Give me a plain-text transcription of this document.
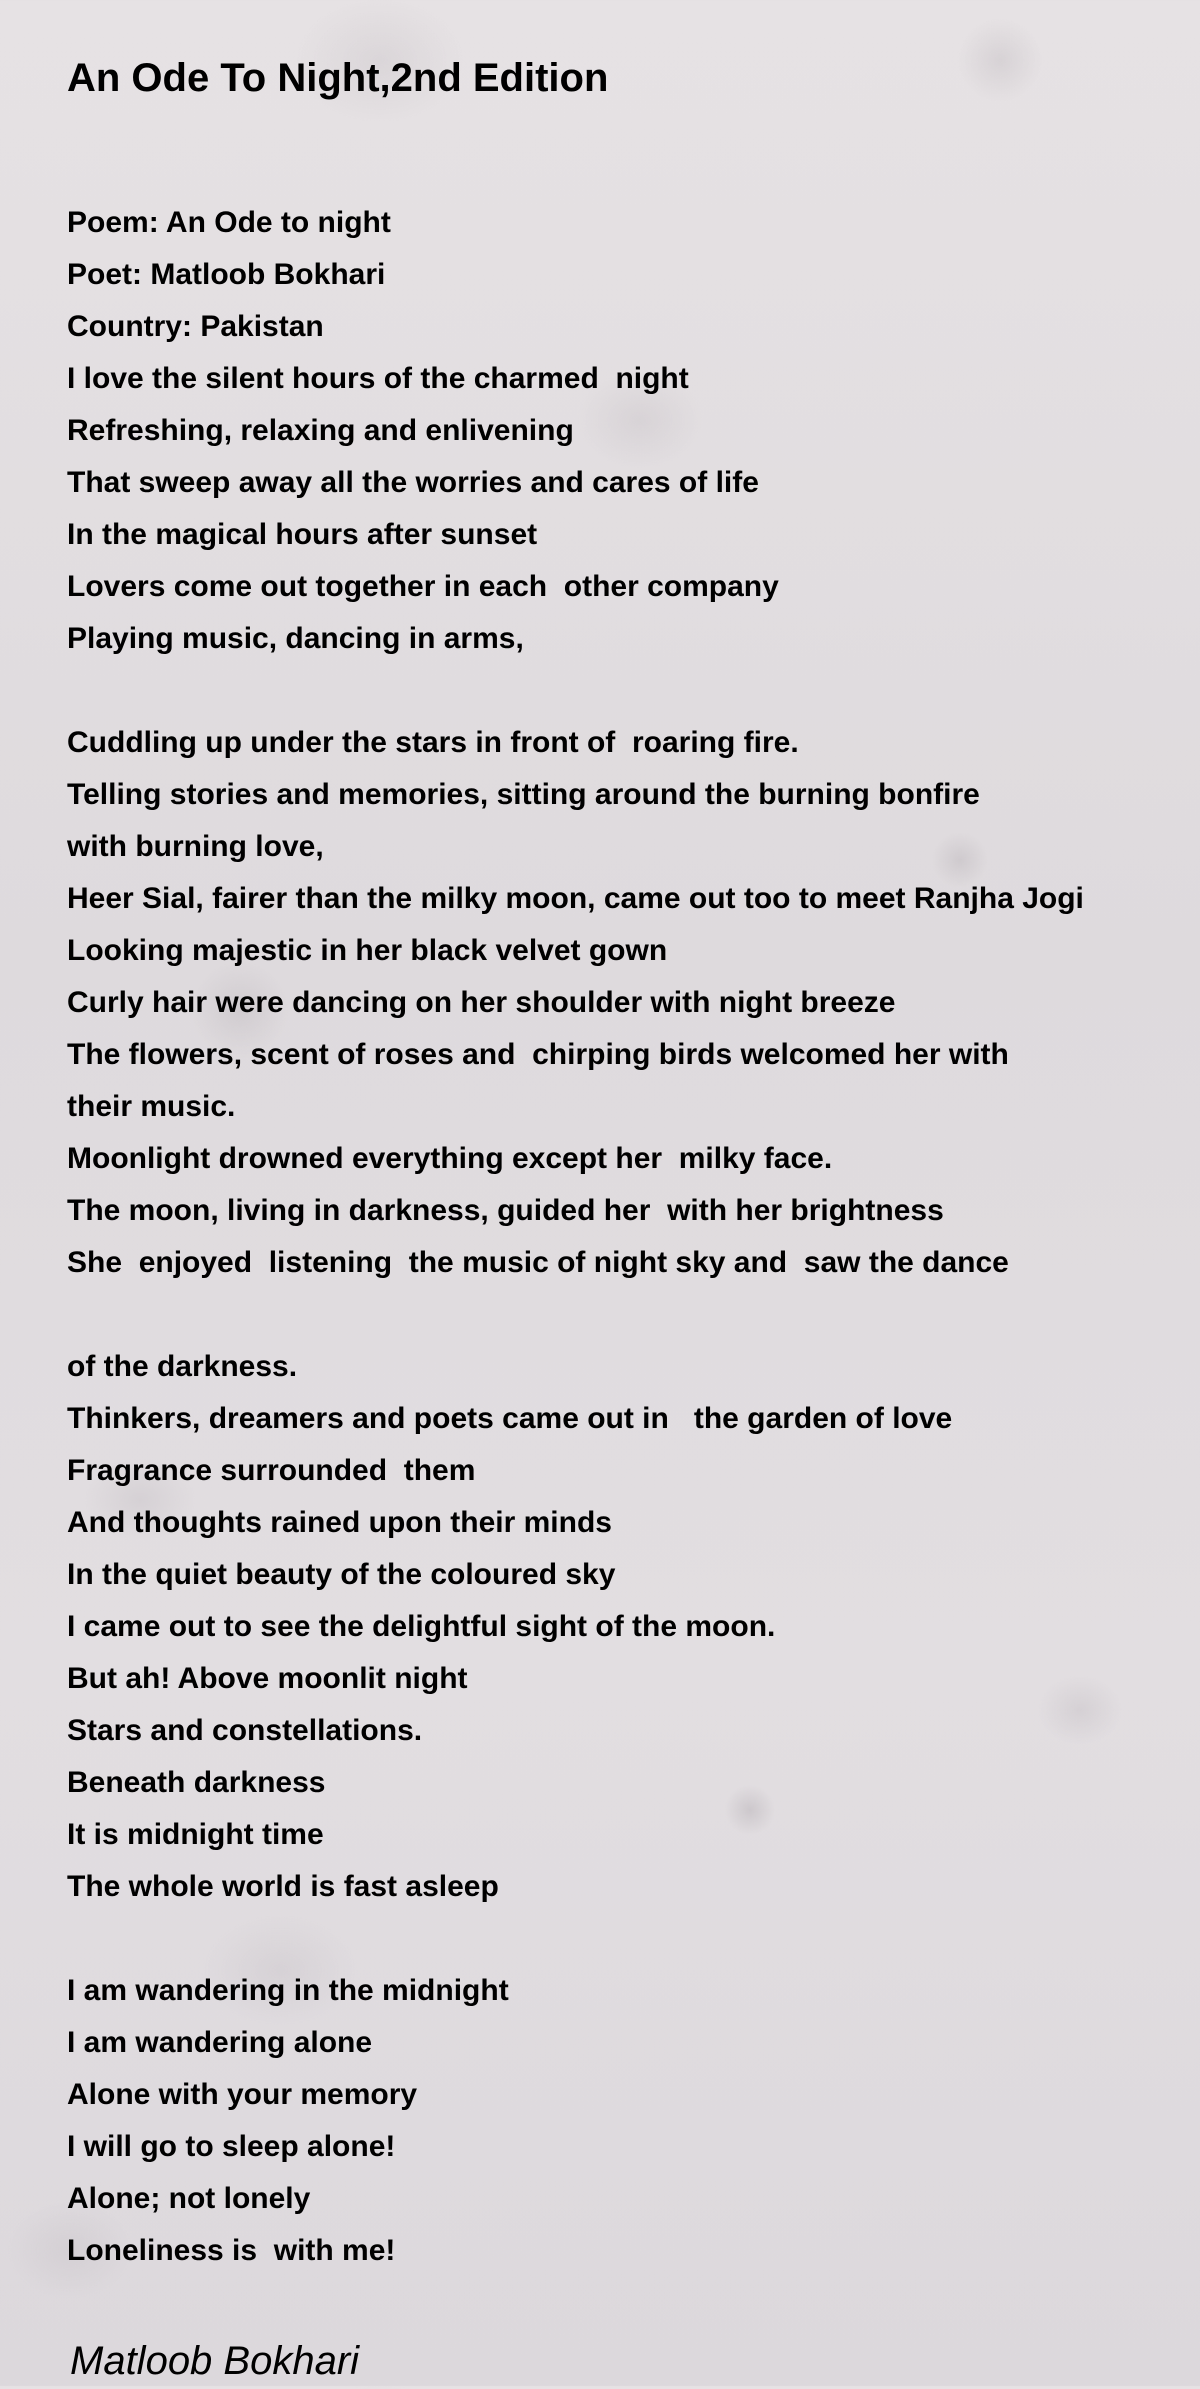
An Ode To Night,2nd Edition
Poem: An Ode to night
Poet: Matloob Bokhari
Country: Pakistan
I love the silent hours of the charmed  night
Refreshing, relaxing and enlivening
That sweep away all the worries and cares of life
In the magical hours after sunset
Lovers come out together in each  other company
Playing music, dancing in arms,
Cuddling up under the stars in front of  roaring fire.
Telling stories and memories, sitting around the burning bonfire
with burning love,
Heer Sial, fairer than the milky moon, came out too to meet Ranjha Jogi
Looking majestic in her black velvet gown
Curly hair were dancing on her shoulder with night breeze
The flowers, scent of roses and  chirping birds welcomed her with
their music.
Moonlight drowned everything except her  milky face.
The moon, living in darkness, guided her  with her brightness
She  enjoyed  listening  the music of night sky and  saw the dance
of the darkness.
Thinkers, dreamers and poets came out in   the garden of love
Fragrance surrounded  them
And thoughts rained upon their minds
In the quiet beauty of the coloured sky
I came out to see the delightful sight of the moon.
But ah! Above moonlit night
Stars and constellations.
Beneath darkness
It is midnight time
The whole world is fast asleep
I am wandering in the midnight
I am wandering alone
Alone with your memory
I will go to sleep alone!
Alone; not lonely
Loneliness is  with me!
Matloob Bokhari
